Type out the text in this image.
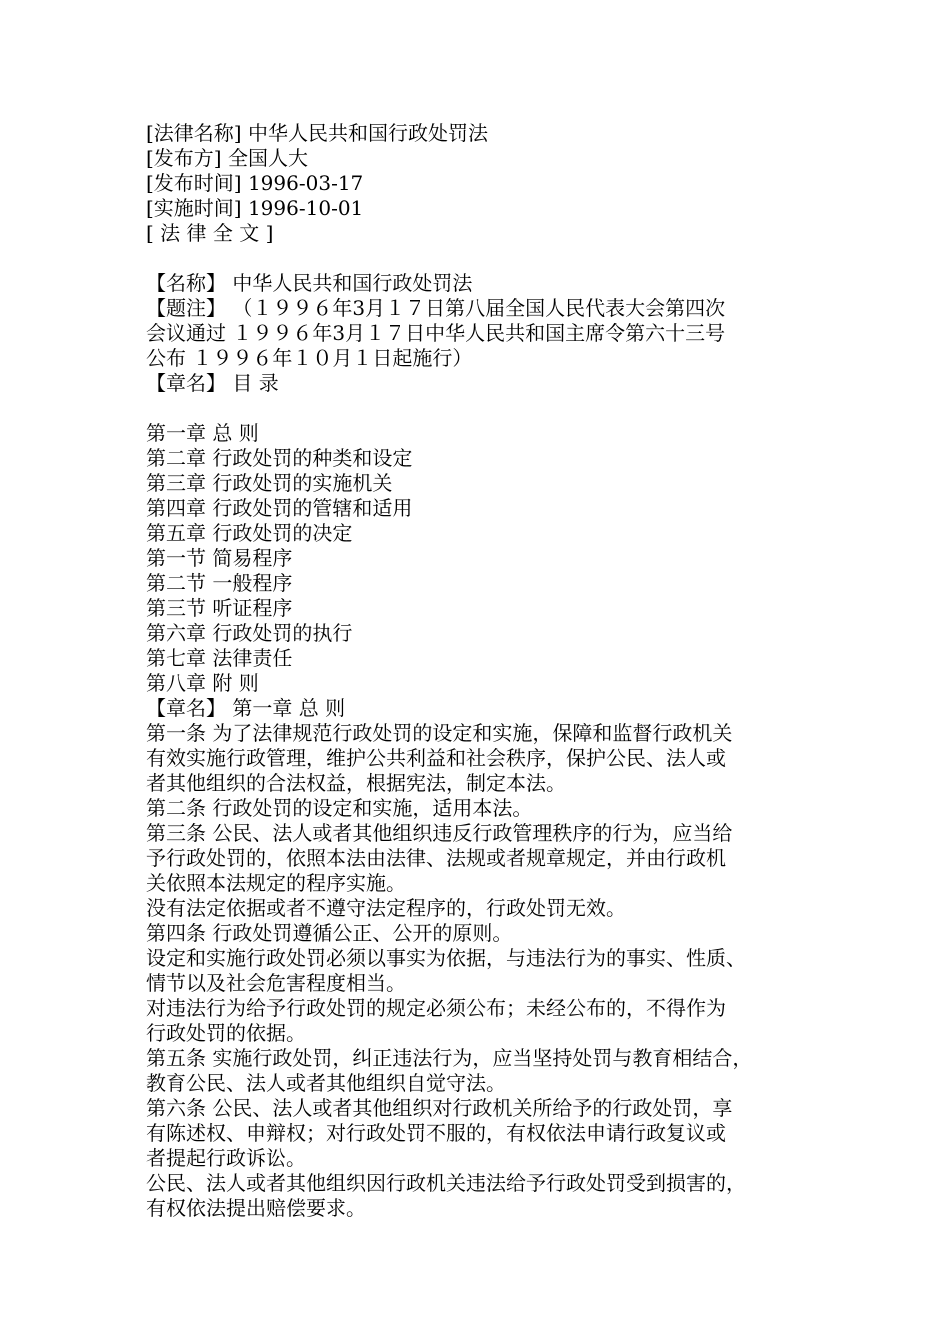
[法律名称] 中华人民共和国行政处罚法
[发布方] 全国人大
[发布时间] 1996-03-17
[实施时间] 1996-10-01
[ 法 律 全 文 ]
【名称】 中华人民共和国行政处罚法
【题注】 （１９９６年3月１７日第八届全国人民代表大会第四次
会议通过 １９９６年3月１７日中华人民共和国主席令第六十三号
公布 １９９６年１０月１日起施行）
【章名】 目 录
第一章 总 则
第二章 行政处罚的种类和设定
第三章 行政处罚的实施机关
第四章 行政处罚的管辖和适用
第五章 行政处罚的决定
第一节 简易程序
第二节 一般程序
第三节 听证程序
第六章 行政处罚的执行
第七章 法律责任
第八章 附 则
【章名】 第一章 总 则
第一条 为了法律规范行政处罚的设定和实施，保障和监督行政机关
有效实施行政管理，维护公共利益和社会秩序，保护公民、法人或
者其他组织的合法权益，根据宪法，制定本法。
第二条 行政处罚的设定和实施，适用本法。
第三条 公民、法人或者其他组织违反行政管理秩序的行为，应当给
予行政处罚的，依照本法由法律、法规或者规章规定，并由行政机
关依照本法规定的程序实施。
没有法定依据或者不遵守法定程序的，行政处罚无效。
第四条 行政处罚遵循公正、公开的原则。
设定和实施行政处罚必须以事实为依据，与违法行为的事实、性质、
情节以及社会危害程度相当。
对违法行为给予行政处罚的规定必须公布；未经公布的，不得作为
行政处罚的依据。
第五条 实施行政处罚，纠正违法行为，应当坚持处罚与教育相结合，
教育公民、法人或者其他组织自觉守法。
第六条 公民、法人或者其他组织对行政机关所给予的行政处罚，享
有陈述权、申辩权；对行政处罚不服的，有权依法申请行政复议或
者提起行政诉讼。
公民、法人或者其他组织因行政机关违法给予行政处罚受到损害的，
有权依法提出赔偿要求。
